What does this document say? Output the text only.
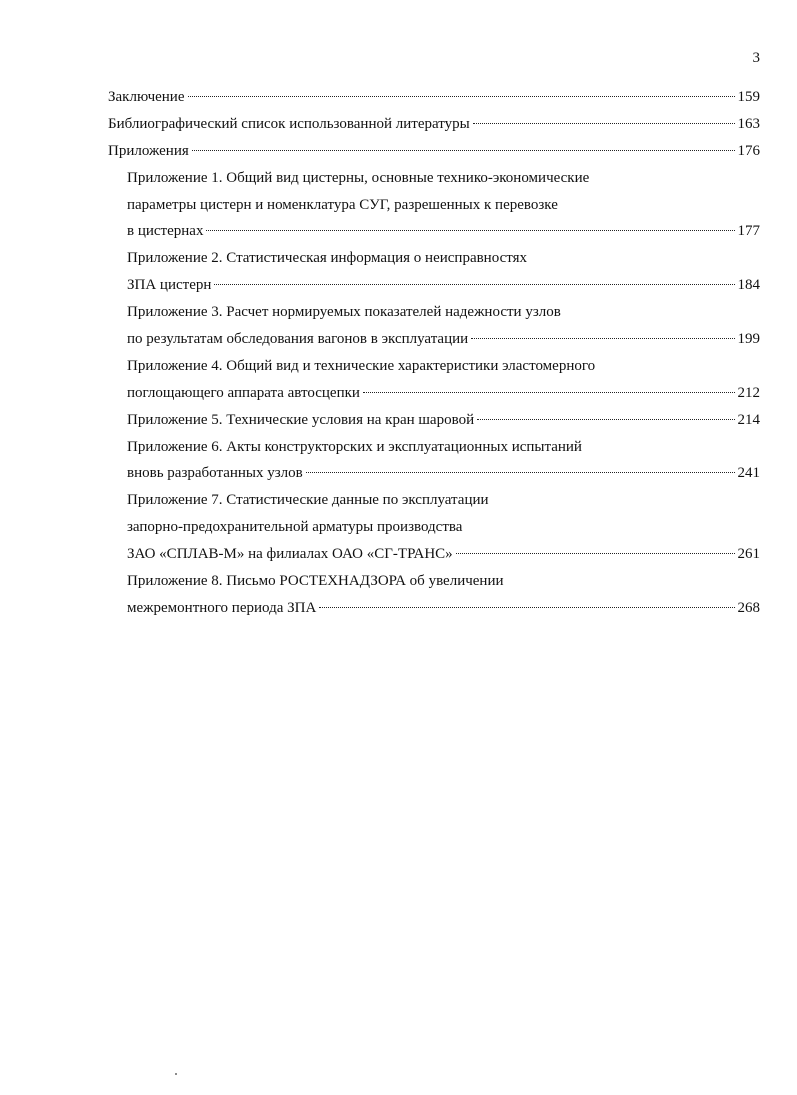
3
Заключение	159
Библиографический список использованной литературы	163
Приложения	176
Приложение 1. Общий вид цистерны, основные технико-экономические
параметры цистерн и номенклатура СУГ, разрешенных к перевозке
в цистернах	177
Приложение 2. Статистическая информация о неисправностях
ЗПА цистерн	184
Приложение 3. Расчет нормируемых показателей надежности узлов
по результатам обследования вагонов в эксплуатации	199
Приложение 4. Общий вид и технические характеристики эластомерного
поглощающего аппарата автосцепки	212
Приложение 5. Технические условия на кран шаровой	214
Приложение 6. Акты конструкторских и эксплуатационных испытаний
вновь разработанных узлов	241
Приложение 7. Статистические данные по эксплуатации
запорно-предохранительной арматуры производства
ЗАО «СПЛАВ-М» на филиалах ОАО «СГ-ТРАНС»	261
Приложение 8. Письмо РОСТЕХНАДЗОРА об увеличении
межремонтного периода ЗПА	268
